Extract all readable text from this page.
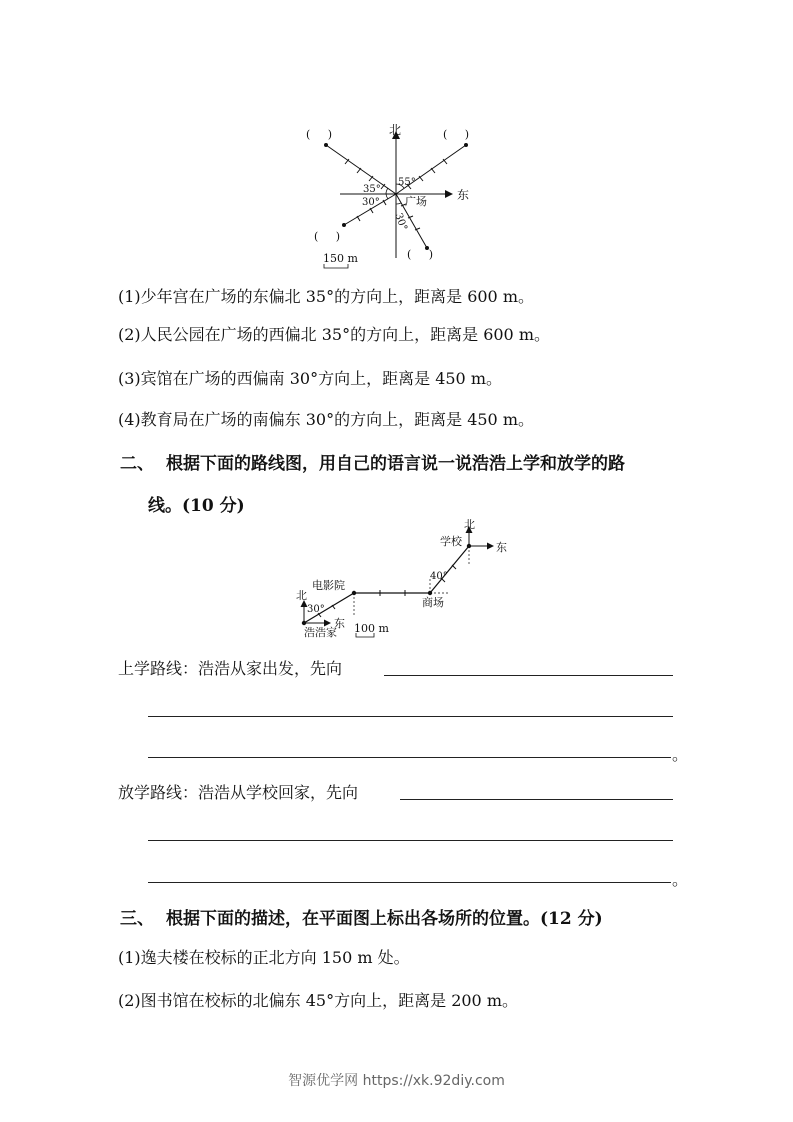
北
东
55°
35°
30°
30°
广场
(     )	(     )
(     )
(     )
150 m
(1)少年宫在广场的东偏北 35°的方向上，距离是 600 m。
(2)人民公园在广场的西偏北 35°的方向上，距离是 600 m。
(3)宾馆在广场的西偏南 30°方向上，距离是 450 m。
(4)教育局在广场的南偏东 30°的方向上，距离是 450 m。
二、 根据下面的路线图，用自己的语言说一说浩浩上学和放学的路
线。(10 分)
北
学校	东
40°
电影院
北
30°
东
浩浩家
商场
100 m
上学路线：浩浩从家出发，先向
。
放学路线：浩浩从学校回家，先向
。
三、 根据下面的描述，在平面图上标出各场所的位置。(12 分)
(1)逸夫楼在校标的正北方向 150 m 处。
(2)图书馆在校标的北偏东 45°方向上，距离是 200 m。
智源优学网 https://xk.92diy.com
